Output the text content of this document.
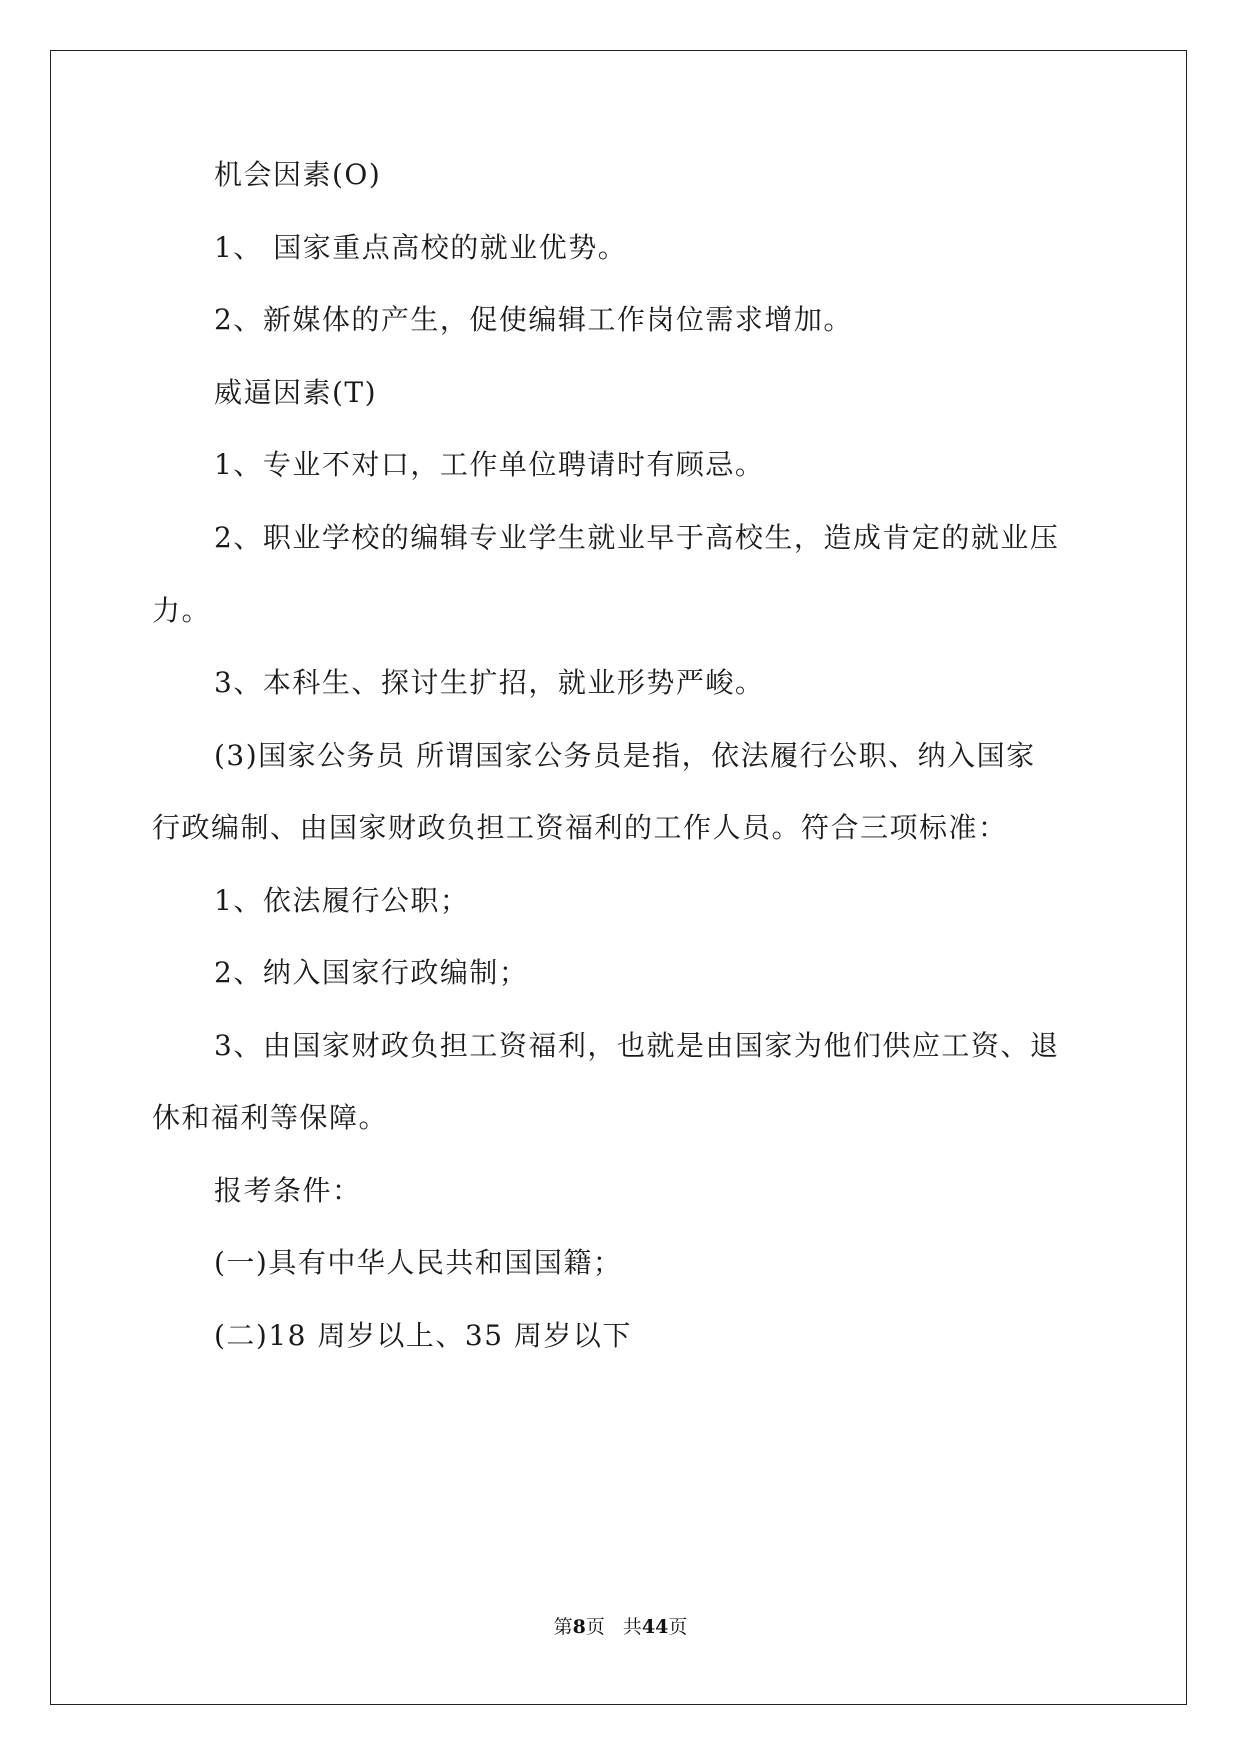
机会因素(O)
1、 国家重点高校的就业优势。
2、新媒体的产生，促使编辑工作岗位需求增加。
威逼因素(T)
1、专业不对口，工作单位聘请时有顾忌。
2、职业学校的编辑专业学生就业早于高校生，造成肯定的就业压
力。
3、本科生、探讨生扩招，就业形势严峻。
(3)国家公务员 所谓国家公务员是指，依法履行公职、纳入国家
行政编制、由国家财政负担工资福利的工作人员。符合三项标准：
1、依法履行公职；
2、纳入国家行政编制；
3、由国家财政负担工资福利，也就是由国家为他们供应工资、退
休和福利等保障。
报考条件：
(一)具有中华人民共和国国籍；
(二)18 周岁以上、35 周岁以下
第8页 共44页
